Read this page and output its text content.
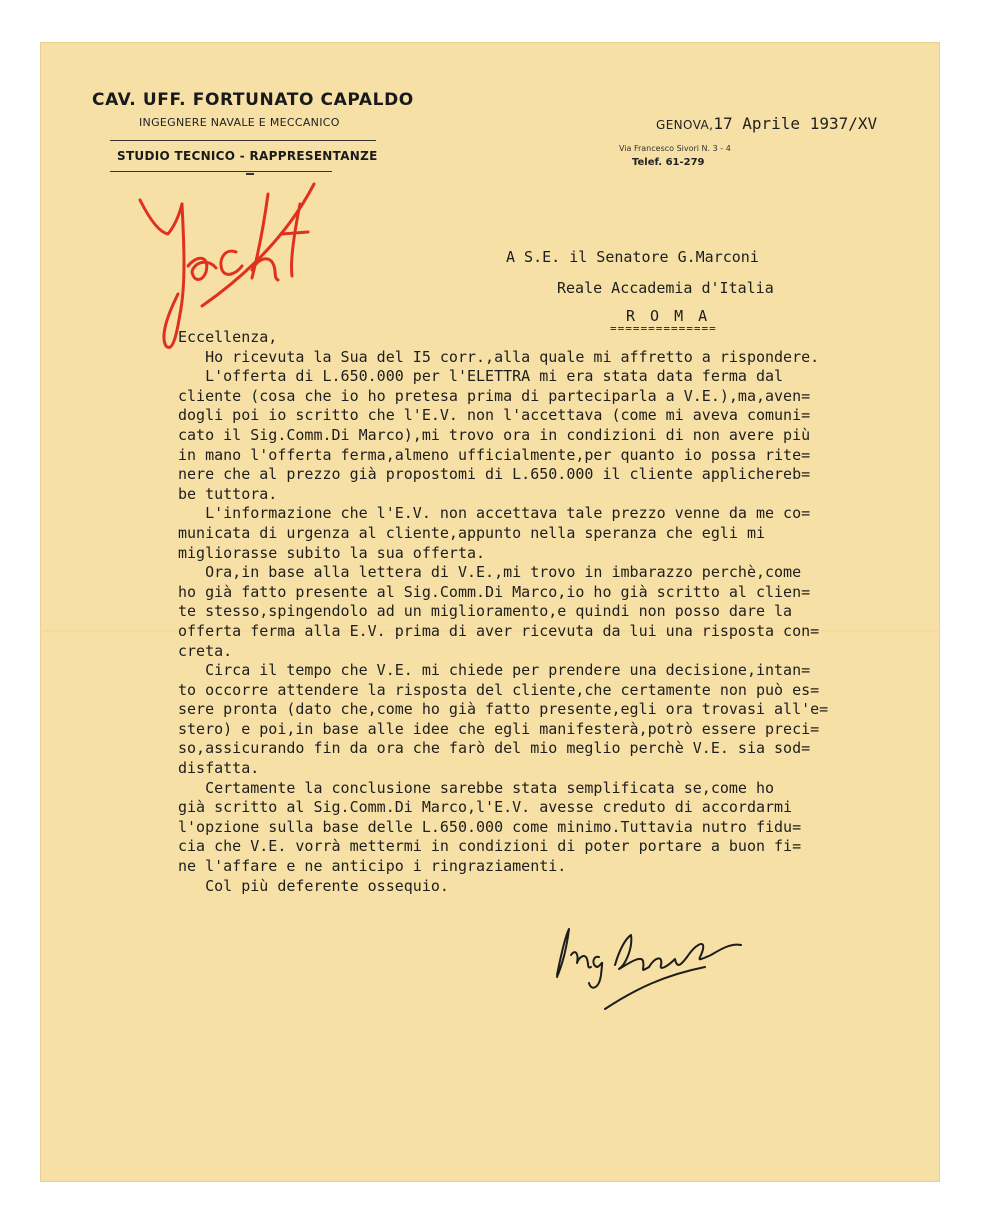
CAV. UFF. FORTUNATO CAPALDO
INGEGNERE NAVALE E MECCANICO
STUDIO TECNICO - RAPPRESENTANZE
GENOVA,17 Aprile 1937/XV
Via Francesco Sivori N. 3 - 4
Telef. 61-279
A S.E. il Senatore G.Marconi
Reale Accademia d'Italia
R O M A
==============
Eccellenza,
Ho ricevuta la Sua del I5 corr.,alla quale mi affretto a rispondere.
L'offerta di L.650.000 per l'ELETTRA mi era stata data ferma dal
cliente (cosa che io ho pretesa prima di parteciparla a V.E.),ma,aven=
dogli poi io scritto che l'E.V. non l'accettava (come mi aveva comuni=
cato il Sig.Comm.Di Marco),mi trovo ora in condizioni di non avere più
in mano l'offerta ferma,almeno ufficialmente,per quanto io possa rite=
nere che al prezzo già propostomi di L.650.000 il cliente applichereb=
be tuttora.
L'informazione che l'E.V. non accettava tale prezzo venne da me co=
municata di urgenza al cliente,appunto nella speranza che egli mi
migliorasse subito la sua offerta.
Ora,in base alla lettera di V.E.,mi trovo in imbarazzo perchè,come
ho già fatto presente al Sig.Comm.Di Marco,io ho già scritto al clien=
te stesso,spingendolo ad un miglioramento,e quindi non posso dare la
offerta ferma alla E.V. prima di aver ricevuta da lui una risposta con=
creta.
Circa il tempo che V.E. mi chiede per prendere una decisione,intan=
to occorre attendere la risposta del cliente,che certamente non può es=
sere pronta (dato che,come ho già fatto presente,egli ora trovasi all'e=
stero) e poi,in base alle idee che egli manifesterà,potrò essere preci=
so,assicurando fin da ora che farò del mio meglio perchè V.E. sia sod=
disfatta.
Certamente la conclusione sarebbe stata semplificata se,come ho
già scritto al Sig.Comm.Di Marco,l'E.V. avesse creduto di accordarmi
l'opzione sulla base delle L.650.000 come minimo.Tuttavia nutro fidu=
cia che V.E. vorrà mettermi in condizioni di poter portare a buon fi=
ne l'affare e ne anticipo i ringraziamenti.
Col più deferente ossequio.
